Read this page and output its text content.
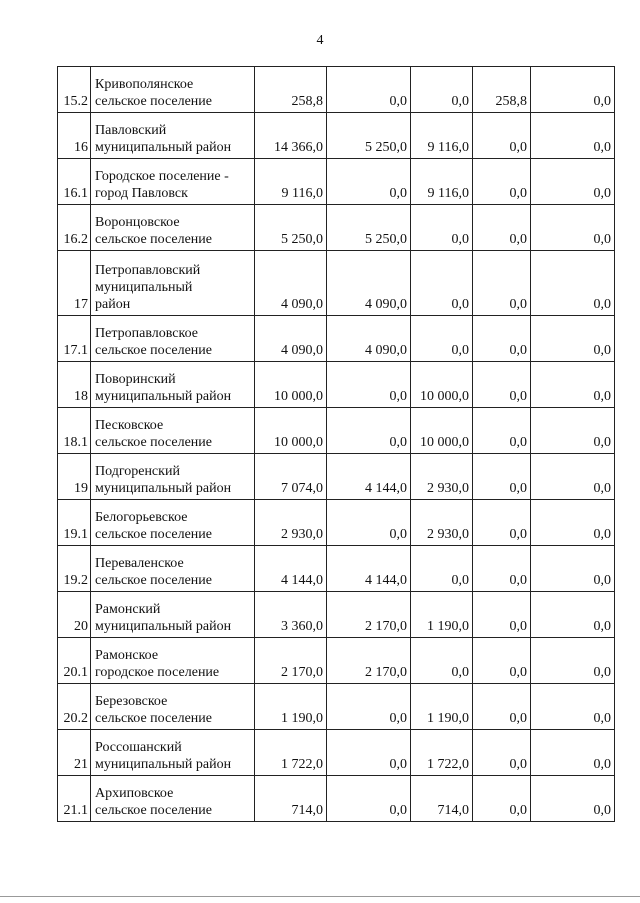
4
15.2	Кривополянское
сельское поселение	258,8	0,0	0,0	258,8	0,0
16	Павловский
муниципальный район	14 366,0	5 250,0	9 116,0	0,0	0,0
16.1	Городское поселение -
город Павловск	9 116,0	0,0	9 116,0	0,0	0,0
16.2	Воронцовское
сельское поселение	5 250,0	5 250,0	0,0	0,0	0,0
17	Петропавловский
муниципальный
район	4 090,0	4 090,0	0,0	0,0	0,0
17.1	Петропавловское
сельское поселение	4 090,0	4 090,0	0,0	0,0	0,0
18	Поворинский
муниципальный район	10 000,0	0,0	10 000,0	0,0	0,0
18.1	Песковское
сельское поселение	10 000,0	0,0	10 000,0	0,0	0,0
19	Подгоренский
муниципальный район	7 074,0	4 144,0	2 930,0	0,0	0,0
19.1	Белогорьевское
сельское поселение	2 930,0	0,0	2 930,0	0,0	0,0
19.2	Переваленское
сельское поселение	4 144,0	4 144,0	0,0	0,0	0,0
20	Рамонский
муниципальный район	3 360,0	2 170,0	1 190,0	0,0	0,0
20.1	Рамонское
городское поселение	2 170,0	2 170,0	0,0	0,0	0,0
20.2	Березовское
сельское поселение	1 190,0	0,0	1 190,0	0,0	0,0
21	Россошанский
муниципальный район	1 722,0	0,0	1 722,0	0,0	0,0
21.1	Архиповское
сельское поселение	714,0	0,0	714,0	0,0	0,0
